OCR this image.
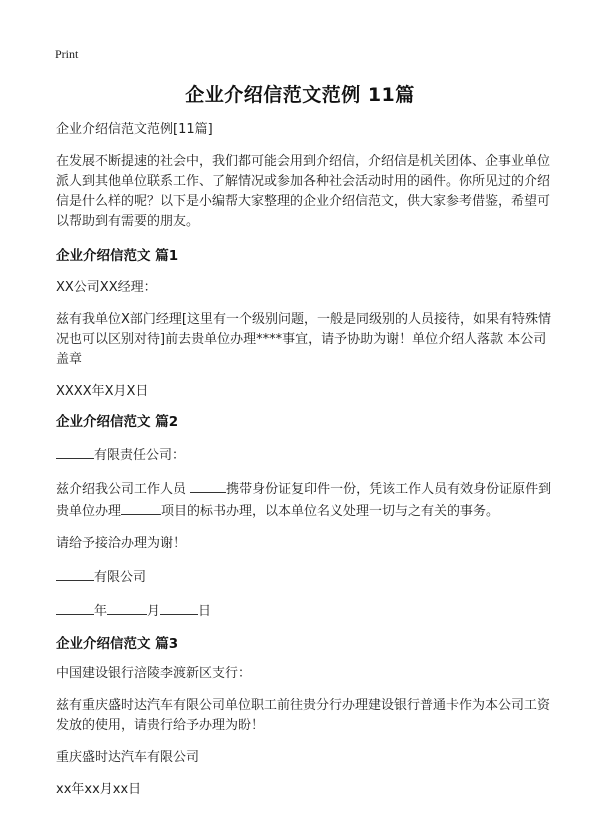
Print
企业介绍信范文范例 11篇

企业介绍信范文范例[11篇]

在发展不断提速的社会中，我们都可能会用到介绍信，介绍信是机关团体、企事业单位派人到其他单位联系工作、了解情况或参加各种社会活动时用的函件。你所见过的介绍信是什么样的呢？以下是小编帮大家整理的企业介绍信范文，供大家参考借鉴，希望可以帮助到有需要的朋友。

企业介绍信范文 篇1

XX公司XX经理：

兹有我单位X部门经理[这里有一个级别问题，一般是同级别的人员接待，如果有特殊情况也可以区别对待]前去贵单位办理****事宜，请予协助为谢！单位介绍人落款 本公司盖章

XXXX年X月X日

企业介绍信范文 篇2

有限责任公司：

兹介绍我公司工作人员	携带身份证复印件一份，凭该工作人员有效身份证原件到贵单位办理	项目的标书办理，以本单位名义处理一切与之有关的事务。

请给予接洽办理为谢！

有限公司

年	月	日

企业介绍信范文 篇3

中国建设银行涪陵李渡新区支行：

兹有重庆盛时达汽车有限公司单位职工前往贵分行办理建设银行普通卡作为本公司工资发放的使用，请贵行给予办理为盼！

重庆盛时达汽车有限公司

xx年xx月xx日
